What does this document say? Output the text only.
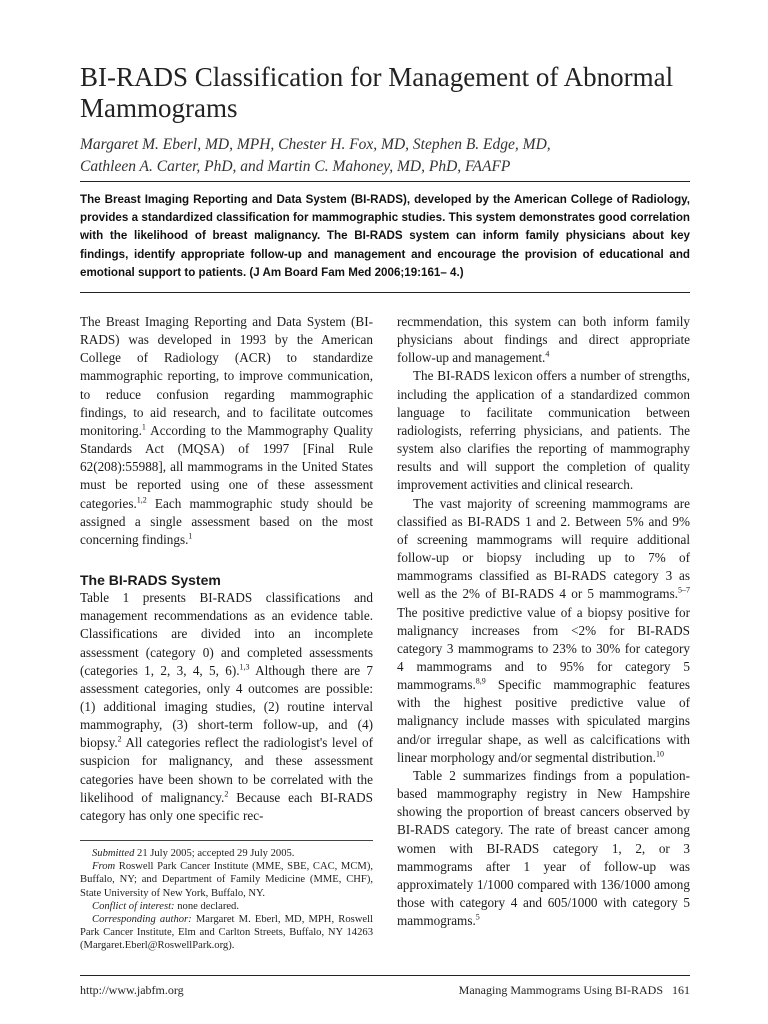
BI-RADS Classification for Management of Abnormal Mammograms
Margaret M. Eberl, MD, MPH, Chester H. Fox, MD, Stephen B. Edge, MD,
Cathleen A. Carter, PhD, and Martin C. Mahoney, MD, PhD, FAAFP
The Breast Imaging Reporting and Data System (BI-RADS), developed by the American College of Radiology, provides a standardized classification for mammographic studies. This system demonstrates good correlation with the likelihood of breast malignancy. The BI-RADS system can inform family physicians about key findings, identify appropriate follow-up and management and encourage the provision of educational and emotional support to patients. (J Am Board Fam Med 2006;19:161– 4.)

The Breast Imaging Reporting and Data System (BI-RADS) was developed in 1993 by the American College of Radiology (ACR) to standardize mammographic reporting, to improve communication, to reduce confusion regarding mammographic findings, to aid research, and to facilitate outcomes monitoring.$^1$ According to the Mammography Quality Standards Act (MQSA) of 1997 [Final Rule 62(208):55988], all mammograms in the United States must be reported using one of these assessment categories.$^{1,2}$ Each mammographic study should be assigned a single assessment based on the most concerning findings.$^1$

The BI-RADS System

Table 1 presents BI-RADS classifications and management recommendations as an evidence table. Classifications are divided into an incomplete assessment (category 0) and completed assessments (categories 1, 2, 3, 4, 5, 6).$^{1,3}$ Although there are 7 assessment categories, only 4 outcomes are possible: (1) additional imaging studies, (2) routine interval mammography, (3) short-term follow-up, and (4) biopsy.$^2$ All categories reflect the radiologist's level of suspicion for malignancy, and these assessment categories have been shown to be correlated with the likelihood of malignancy.$^2$ Because each BI-RADS category has only one specific rec-

recmmendation, this system can both inform family physicians about findings and direct appropriate follow-up and management.$^4$

The BI-RADS lexicon offers a number of strengths, including the application of a standardized common language to facilitate communication between radiologists, referring physicians, and patients. The system also clarifies the reporting of mammography results and will support the completion of quality improvement activities and clinical research.

The vast majority of screening mammograms are classified as BI-RADS 1 and 2. Between 5% and 9% of screening mammograms will require additional follow-up or biopsy including up to 7% of mammograms classified as BI-RADS category 3 as well as the 2% of BI-RADS 4 or 5 mammograms.$^{5-7}$ The positive predictive value of a biopsy positive for malignancy increases from <2% for BI-RADS category 3 mammograms to 23% to 30% for category 4 mammograms and to 95% for category 5 mammograms.$^{8,9}$ Specific mammographic features with the highest positive predictive value of malignancy include masses with spiculated margins and/or irregular shape, as well as calcifications with linear morphology and/or segmental distribution.$^{10}$

Table 2 summarizes findings from a population-based mammography registry in New Hampshire showing the proportion of breast cancers observed by BI-RADS category. The rate of breast cancer among women with BI-RADS category 1, 2, or 3 mammograms after 1 year of follow-up was approximately 1/1000 compared with 136/1000 among those with category 4 and 605/1000 with category 5 mammograms.$^5$

Submitted 21 July 2005; accepted 29 July 2005.

From Roswell Park Cancer Institute (MME, SBE, CAC, MCM), Buffalo, NY; and Department of Family Medicine (MME, CHF), State University of New York, Buffalo, NY.

Conflict of interest: none declared.

Corresponding author: Margaret M. Eberl, MD, MPH, Roswell Park Cancer Institute, Elm and Carlton Streets, Buffalo, NY 14263 (Margaret.Eberl@RoswellPark.org).

http://www.jabfm.org	Managing Mammograms Using BI-RADS   161
